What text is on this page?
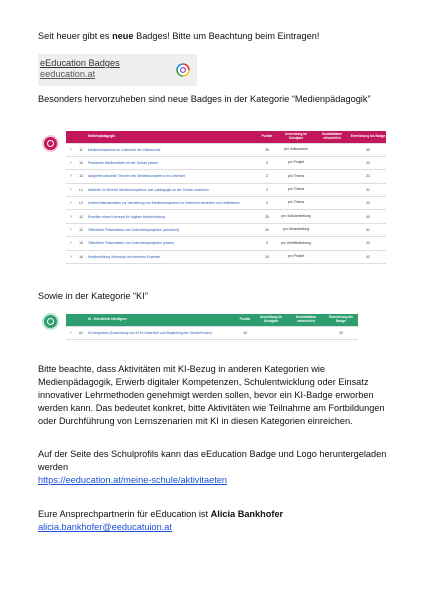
Seit heuer gibt es neue Badges! Bitte um Beachtung beim Eintragen!
eEducation Badges
eeducation.at
Besonders hervorzuheben sind neue Badges in der Kategorie “Medienpädagogik”
		Medienpädagogik	Punkte	Anmeldung im Schuljahr	Kontaktdaten erforderlich	Einreichung bis Badge
›	11	Medienkompetenz im Unterricht der Volksschule	25	pro Volksschule		40
›	10	Praktische Medienarbeit mit der Schule planen	5	pro Projekt		22
›	13	Aufgreifen aktueller Themen der Medienkompetenz im Unterricht	2	pro Thema		21
›	L1	Aktionen im Bereich Medienkompetenz und -pädagogik an der Schule umsetzen	2	pro Thema		21
›	L2	Unterrichtsmaterialien zur Vermittlung von Medienkompetenz im Unterricht einsetzen und reflektieren	2	pro Thema		22
›	12	Erstellen eines Konzepts für digitale Medienbildung	25	pro Schulerstellung		40
›	12	Öffentliche Präsentation von Unterrichtsprojekten (schulweit)	20	pro Veranstaltung		41
›	15	Öffentliche Präsentation von Unterrichtsprojekten (extern)	5	pro Veröffentlichung		22
›	16	Medienbildung Workshop mit externen Experten	10	pro Projekt		42
Sowie in der Kategorie “KI”
		KI - Künstliche Intelligenz	Punkte	Anmeldung im Schuljahr	Kontaktdaten erforderlich	Einreichung bis Badge
›	A1	KI-Integration (Anwendung von KI im Unterricht und Begleitung der Schüler*innen)	10			20
Bitte beachte, dass Aktivitäten mit KI-Bezug in anderen Kategorien wie Medienpädagogik, Erwerb digitaler Kompetenzen, Schulentwicklung oder Einsatz innovativer Lehrmethoden genehmigt werden sollen, bevor ein KI-Badge erworben werden kann. Das bedeutet konkret, bitte Aktivitäten wie Teilnahme am Fortbildungen oder Durchführung von Lernszenarien mit KI in diesen Kategorien einreichen.
Auf der Seite des Schulprofils kann das eEducation Badge und Logo heruntergeladen werden
https://eeducation.at/meine-schule/aktivitaeten
Eure Ansprechpartnerin für eEducation ist Alicia Bankhofer
alicia.bankhofer@eeducatuion.at
